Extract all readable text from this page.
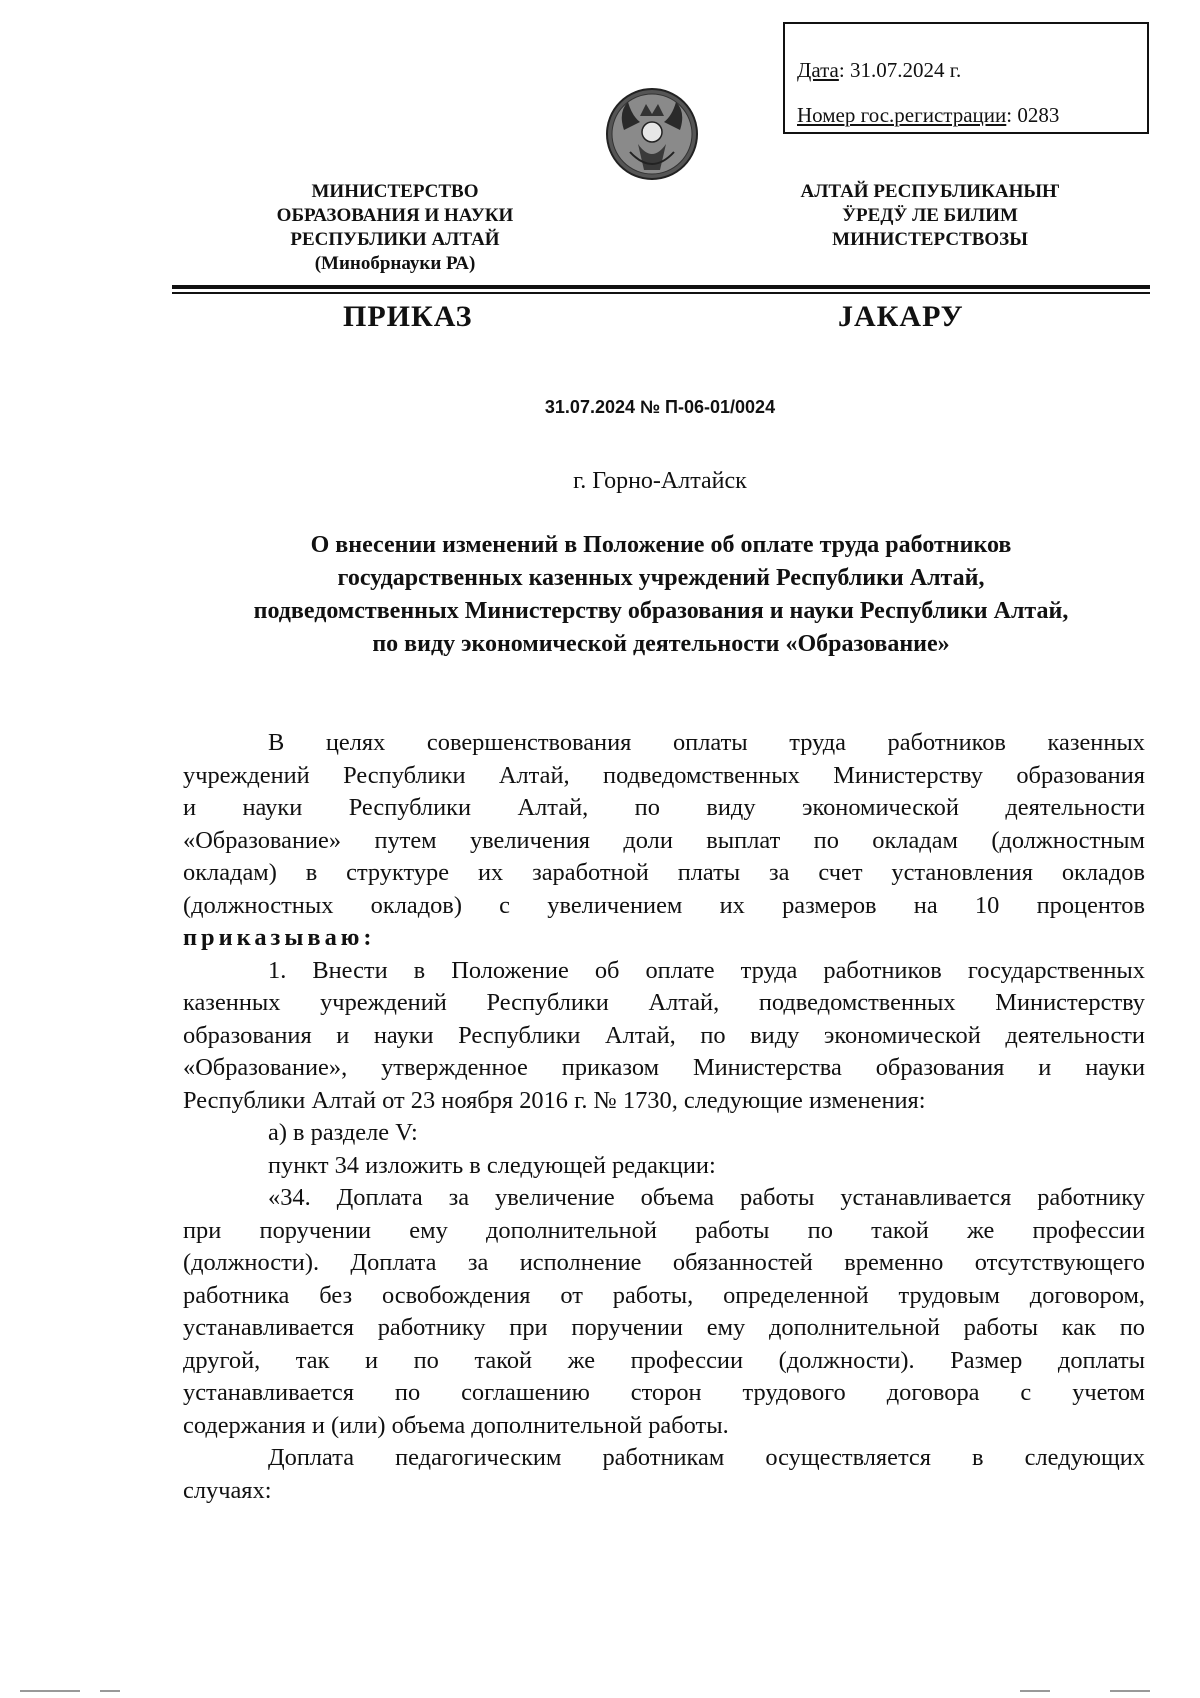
Дата: 31.07.2024 г.
Номер гос.регистрации: 0283
МИНИСТЕРСТВО
ОБРАЗОВАНИЯ И НАУКИ
РЕСПУБЛИКИ АЛТАЙ
(Минобрнауки РА)
АЛТАЙ РЕСПУБЛИКАНЫҤ
ӰРЕДӰ ЛЕ БИЛИМ
МИНИСТЕРСТВОЗЫ
ПРИКАЗ	JАКАРУ
31.07.2024 № П-06-01/0024
г. Горно-Алтайск
О внесении изменений в Положение об оплате труда работников
государственных казенных учреждений Республики Алтай,
подведомственных Министерству образования и науки Республики Алтай,
по виду экономической деятельности «Образование»
В целях совершенствования оплаты труда работников казенных
учреждений Республики Алтай, подведомственных Министерству образования
и науки Республики Алтай, по виду экономической деятельности
«Образование» путем увеличения доли выплат по окладам (должностным
окладам) в структуре их заработной платы за счет установления окладов
(должностных окладов) с увеличением их размеров на 10 процентов
приказываю:
1. Внести в Положение об оплате труда работников государственных
казенных учреждений Республики Алтай, подведомственных Министерству
образования и науки Республики Алтай, по виду экономической деятельности
«Образование», утвержденное приказом Министерства образования и науки
Республики Алтай от 23 ноября 2016 г. № 1730, следующие изменения:
а) в разделе V:
пункт 34 изложить в следующей редакции:
«34. Доплата за увеличение объема работы устанавливается работнику
при поручении ему дополнительной работы по такой же профессии
(должности). Доплата за исполнение обязанностей временно отсутствующего
работника без освобождения от работы, определенной трудовым договором,
устанавливается работнику при поручении ему дополнительной работы как по
другой, так и по такой же профессии (должности). Размер доплаты
устанавливается по соглашению сторон трудового договора с учетом
содержания и (или) объема дополнительной работы.
Доплата педагогическим работникам осуществляется в следующих
случаях:
